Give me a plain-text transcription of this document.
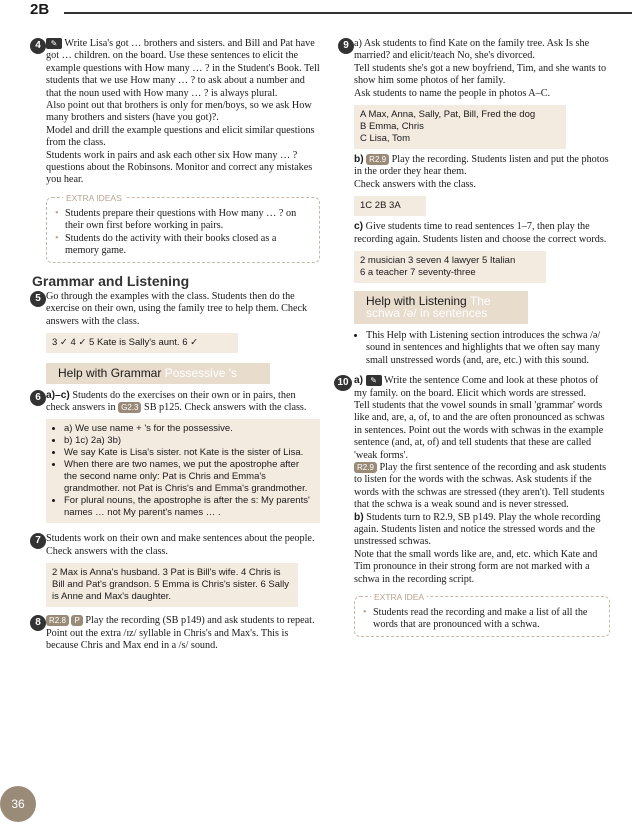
2B
4	✎ Write Lisa's got … brothers and sisters. and Bill and Pat have got … children. on the board. Use these sentences to elicit the example questions with How many … ? in the Student's Book. Tell students that we use How many … ? to ask about a number and that the noun used with How many … ? is always plural.

Also point out that brothers is only for men/boys, so we ask How many brothers and sisters (have you got)?.

Model and drill the example questions and elicit similar questions from the class.

Students work in pairs and ask each other six How many … ? questions about the Robinsons. Monitor and correct any mistakes you hear.

EXTRA IDEAS
• Students prepare their questions with How many … ? on their own first before working in pairs.
• Students do the activity with their books closed as a memory game.
Grammar and Listening
5 Go through the examples with the class. Students then do the exercise on their own, using the family tree to help them. Check answers with the class.

3 ✓ 4 ✓ 5 Kate is Sally's aunt. 6 ✓
Help with Grammar Possessive 's
6 a)–c) Students do the exercises on their own or in pairs, then check answers in G2.3 SB p125. Check answers with the class.

• a) We use name + 's for the possessive.
• b) 1c) 2a) 3b)
• We say Kate is Lisa's sister. not Kate is the sister of Lisa.
• When there are two names, we put the apostrophe after the second name only: Pat is Chris and Emma's grandmother. not Pat is Chris's and Emma's grandmother.
• For plural nouns, the apostrophe is after the s: My parents' names … not My parent's names … .
7 Students work on their own and make sentences about the people. Check answers with the class.

2 Max is Anna's husband. 3 Pat is Bill's wife. 4 Chris is Bill and Pat's grandson. 5 Emma is Chris's sister. 6 Sally is Anne and Max's daughter.
8	R2.8 P Play the recording (SB p149) and ask students to repeat. Point out the extra /ɪz/ syllable in Chris's and Max's. This is because Chris and Max end in a /s/ sound.

9 a) Ask students to find Kate on the family tree. Ask Is she married? and elicit/teach No, she's divorced.

Tell students she's got a new boyfriend, Tim, and she wants to show him some photos of her family.

Ask students to name the people in photos A–C.

A Max, Anna, Sally, Pat, Bill, Fred the dog
B Emma, Chris
C Lisa, Tom

b) R2.9 Play the recording. Students listen and put the photos in the order they hear them.

Check answers with the class.

1C 2B 3A

c) Give students time to read sentences 1–7, then play the recording again. Students listen and choose the correct words.

2 musician 3 seven 4 lawyer 5 Italian
6 a teacher 7 seventy-three
Help with Listening The schwa /ə/ in sentences
• This Help with Listening section introduces the schwa /ə/ sound in sentences and highlights that we often say many small unstressed words (and, are, etc.) with this sound.
10 a) ✎ Write the sentence Come and look at these photos of my family. on the board. Elicit which words are stressed.

Tell students that the vowel sounds in small 'grammar' words like and, are, a, of, to and the are often pronounced as schwas in sentences. Point out the words with schwas in the example sentence (and, at, of) and tell students that these are called 'weak forms'.

R2.9 Play the first sentence of the recording and ask students to listen for the words with the schwas. Ask students if the words with the schwas are stressed (they aren't). Tell students that the schwa is a weak sound and is never stressed.

b) Students turn to R2.9, SB p149. Play the whole recording again. Students listen and notice the stressed words and the unstressed schwas.

Note that the small words like are, and, etc. which Kate and Tim pronounce in their strong form are not marked with a schwa in the recording script.

EXTRA IDEA
• Students read the recording and make a list of all the words that are pronounced with a schwa.
36
